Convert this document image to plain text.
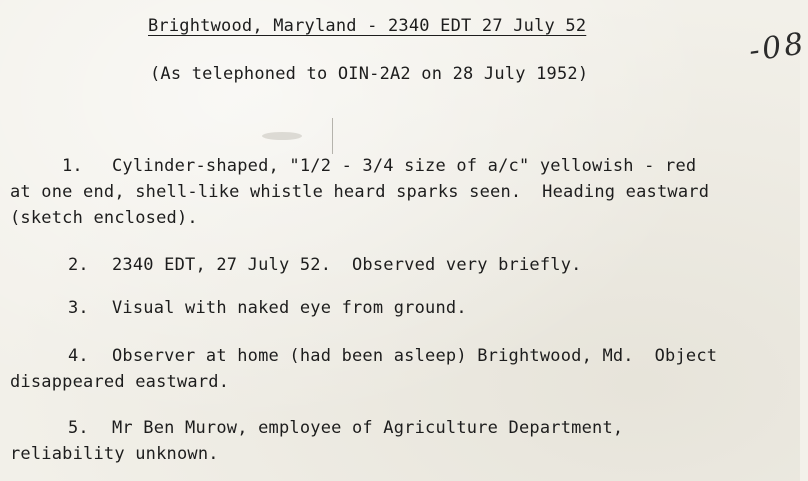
Brightwood, Maryland - 2340 EDT 27 July 52
(As telephoned to OIN-2A2 on 28 July 1952)
-08
1. Cylinder-shaped, "1/2 - 3/4 size of a/c" yellowish - red
at one end, shell-like whistle heard sparks seen.  Heading eastward
(sketch enclosed).
2. 2340 EDT, 27 July 52.  Observed very briefly.
3. Visual with naked eye from ground.
4. Observer at home (had been asleep) Brightwood, Md.  Object
disappeared eastward.
5. Mr Ben Murow, employee of Agriculture Department,
reliability unknown.
